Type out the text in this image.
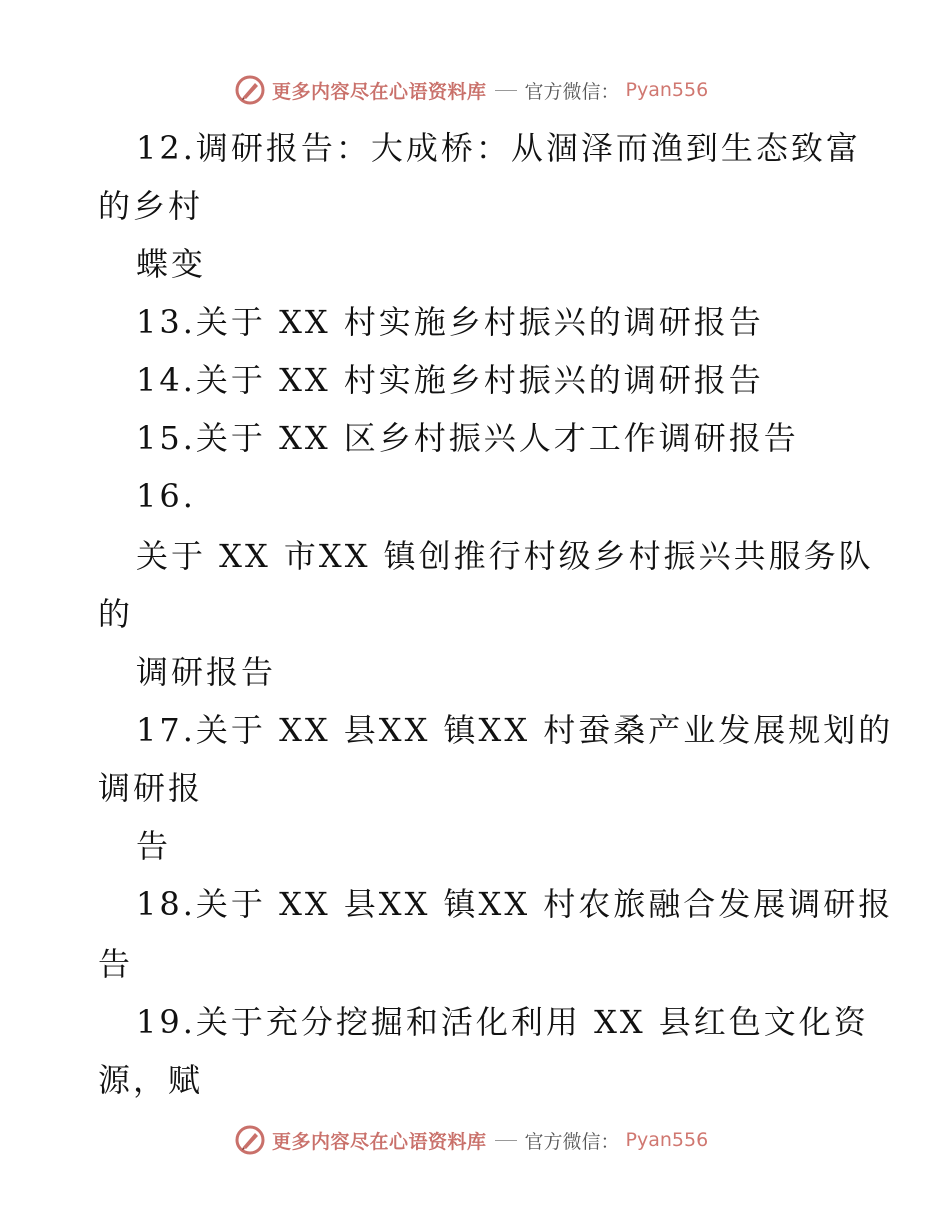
更多内容尽在心语资料库 官方微信： Pyan556
12.调研报告：大成桥：从涸泽而渔到生态致富
的乡村
蝶变
13.关于 XX 村实施乡村振兴的调研报告
14.关于 XX 村实施乡村振兴的调研报告
15.关于 XX 区乡村振兴人才工作调研报告
16.
关于 XX 市XX 镇创推行村级乡村振兴共服务队
的
调研报告
17.关于 XX 县XX 镇XX 村蚕桑产业发展规划的
调研报
告
18.关于 XX 县XX 镇XX 村农旅融合发展调研报
告
19.关于充分挖掘和活化利用 XX 县红色文化资
源，赋
更多内容尽在心语资料库 官方微信： Pyan556
